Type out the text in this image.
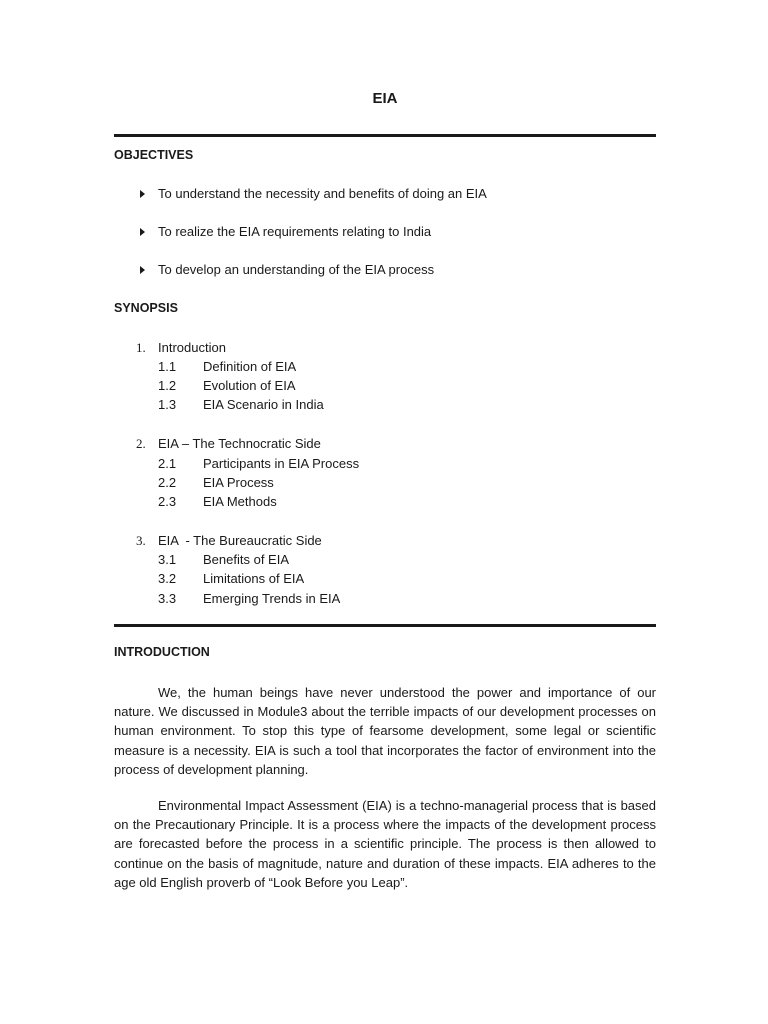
EIA
OBJECTIVES
To understand the necessity and benefits of doing an EIA
To realize the EIA requirements relating to India
To develop an understanding of the EIA process
SYNOPSIS
1. Introduction
1.1	Definition of EIA
1.2	Evolution of EIA
1.3	EIA Scenario in India
2. EIA – The Technocratic Side
2.1	Participants in EIA Process
2.2	EIA Process
2.3	EIA Methods
3. EIA  - The Bureaucratic Side
3.1	Benefits of EIA
3.2	Limitations of EIA
3.3	Emerging Trends in EIA
INTRODUCTION

We, the human beings have never understood the power and importance of our nature. We discussed in Module3 about the terrible impacts of our development processes on human environment. To stop this type of fearsome development, some legal or scientific measure is a necessity. EIA is such a tool that incorporates the factor of environment into the process of development planning.

Environmental Impact Assessment (EIA) is a techno-managerial process that is based on the Precautionary Principle. It is a process where the impacts of the development process are forecasted before the process in a scientific principle. The process is then allowed to continue on the basis of magnitude, nature and duration of these impacts. EIA adheres to the age old English proverb of “Look Before you Leap”.
